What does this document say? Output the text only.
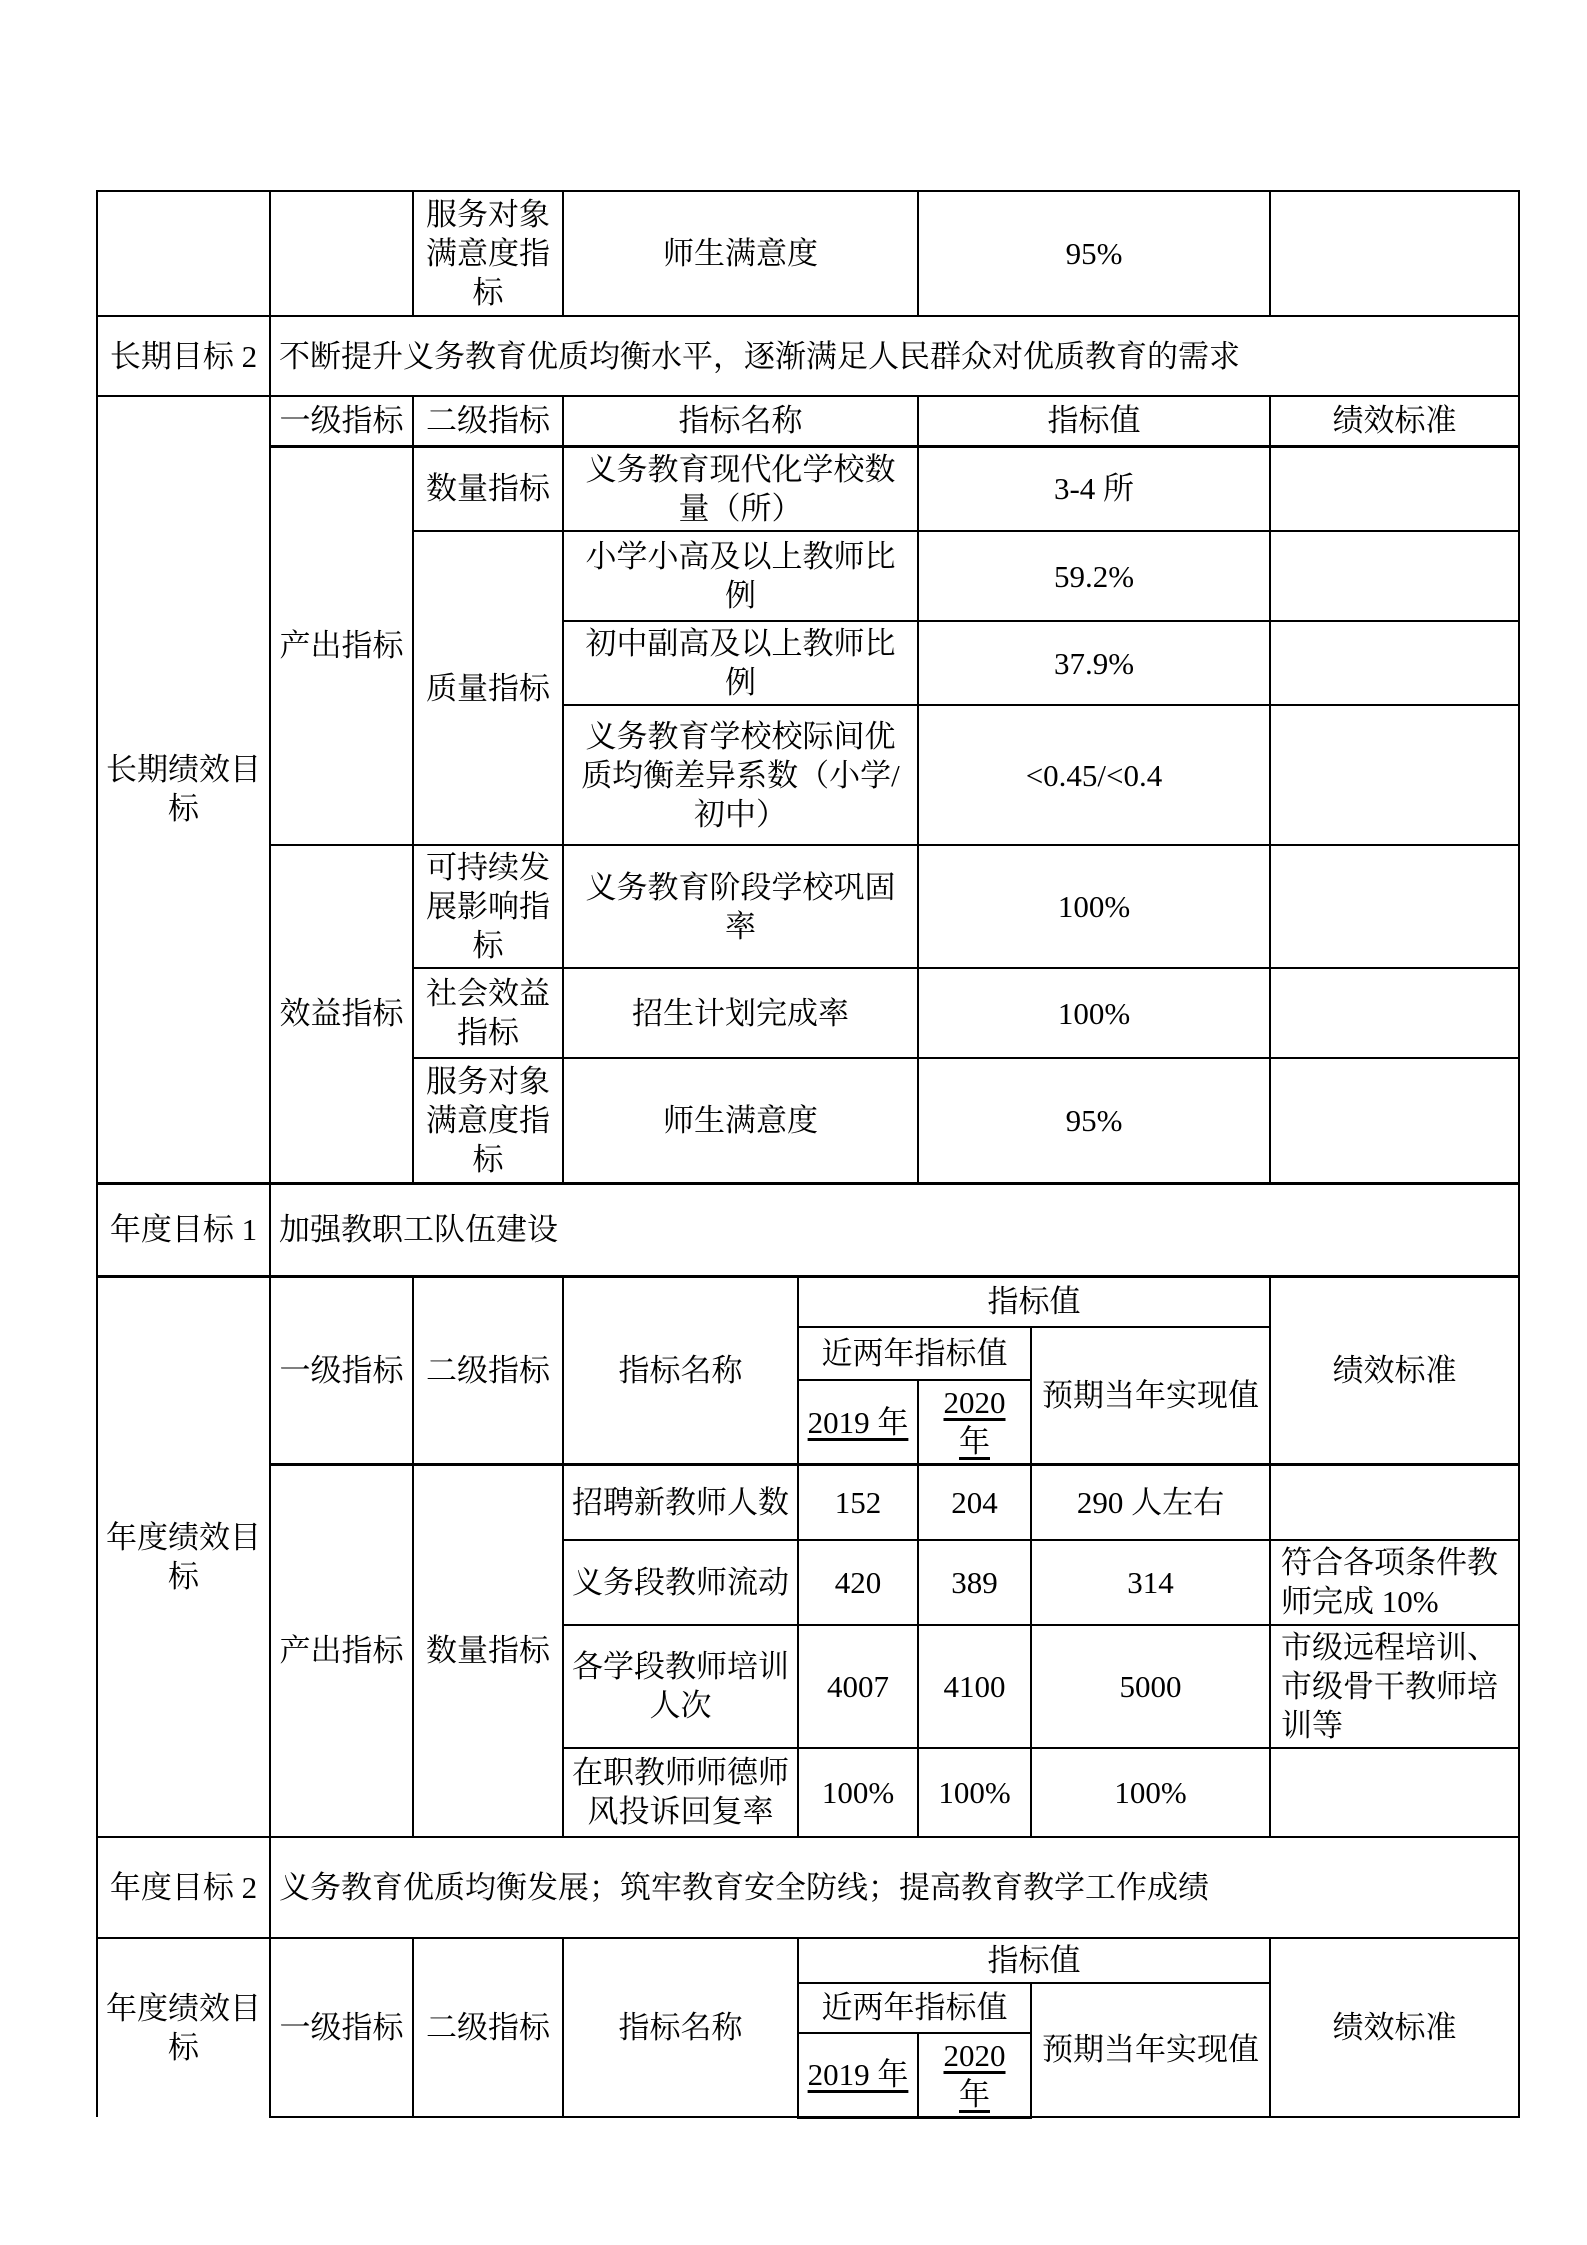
		服务对象满意度指标	师生满意度		95%		
长期目标 2	不断提升义务教育优质均衡水平，逐渐满足人民群众对优质教育的需求						
长期绩效目标	一级指标	二级指标	指标名称		指标值		绩效标准
	产出指标	数量指标	义务教育现代化学校数量（所）		3-4 所		
		质量指标	小学小高及以上教师比例		59.2%		
			初中副高及以上教师比例		37.9%		
			义务教育学校校际间优质均衡差异系数（小学/初中）		<0.45/<0.4		
	效益指标	可持续发展影响指标	义务教育阶段学校巩固率		100%		
		社会效益指标	招生计划完成率		100%		
		服务对象满意度指标	师生满意度		95%		
年度目标 1	加强教职工队伍建设						
年度绩效目标	一级指标	二级指标	指标名称	指标值			绩效标准
				近两年指标值		预期当年实现值	
				2019 年	2020 年		
	产出指标	数量指标	招聘新教师人数	152	204	290 人左右	
			义务段教师流动	420	389	314	符合各项条件教师完成 10%
			各学段教师培训人次	4007	4100	5000	市级远程培训、市级骨干教师培训等
			在职教师师德师风投诉回复率	100%	100%	100%	
年度目标 2	义务教育优质均衡发展；筑牢教育安全防线；提高教育教学工作成绩						
年度绩效目标	一级指标	二级指标	指标名称	指标值			绩效标准
				近两年指标值		预期当年实现值	
				2019 年	2020 年		
